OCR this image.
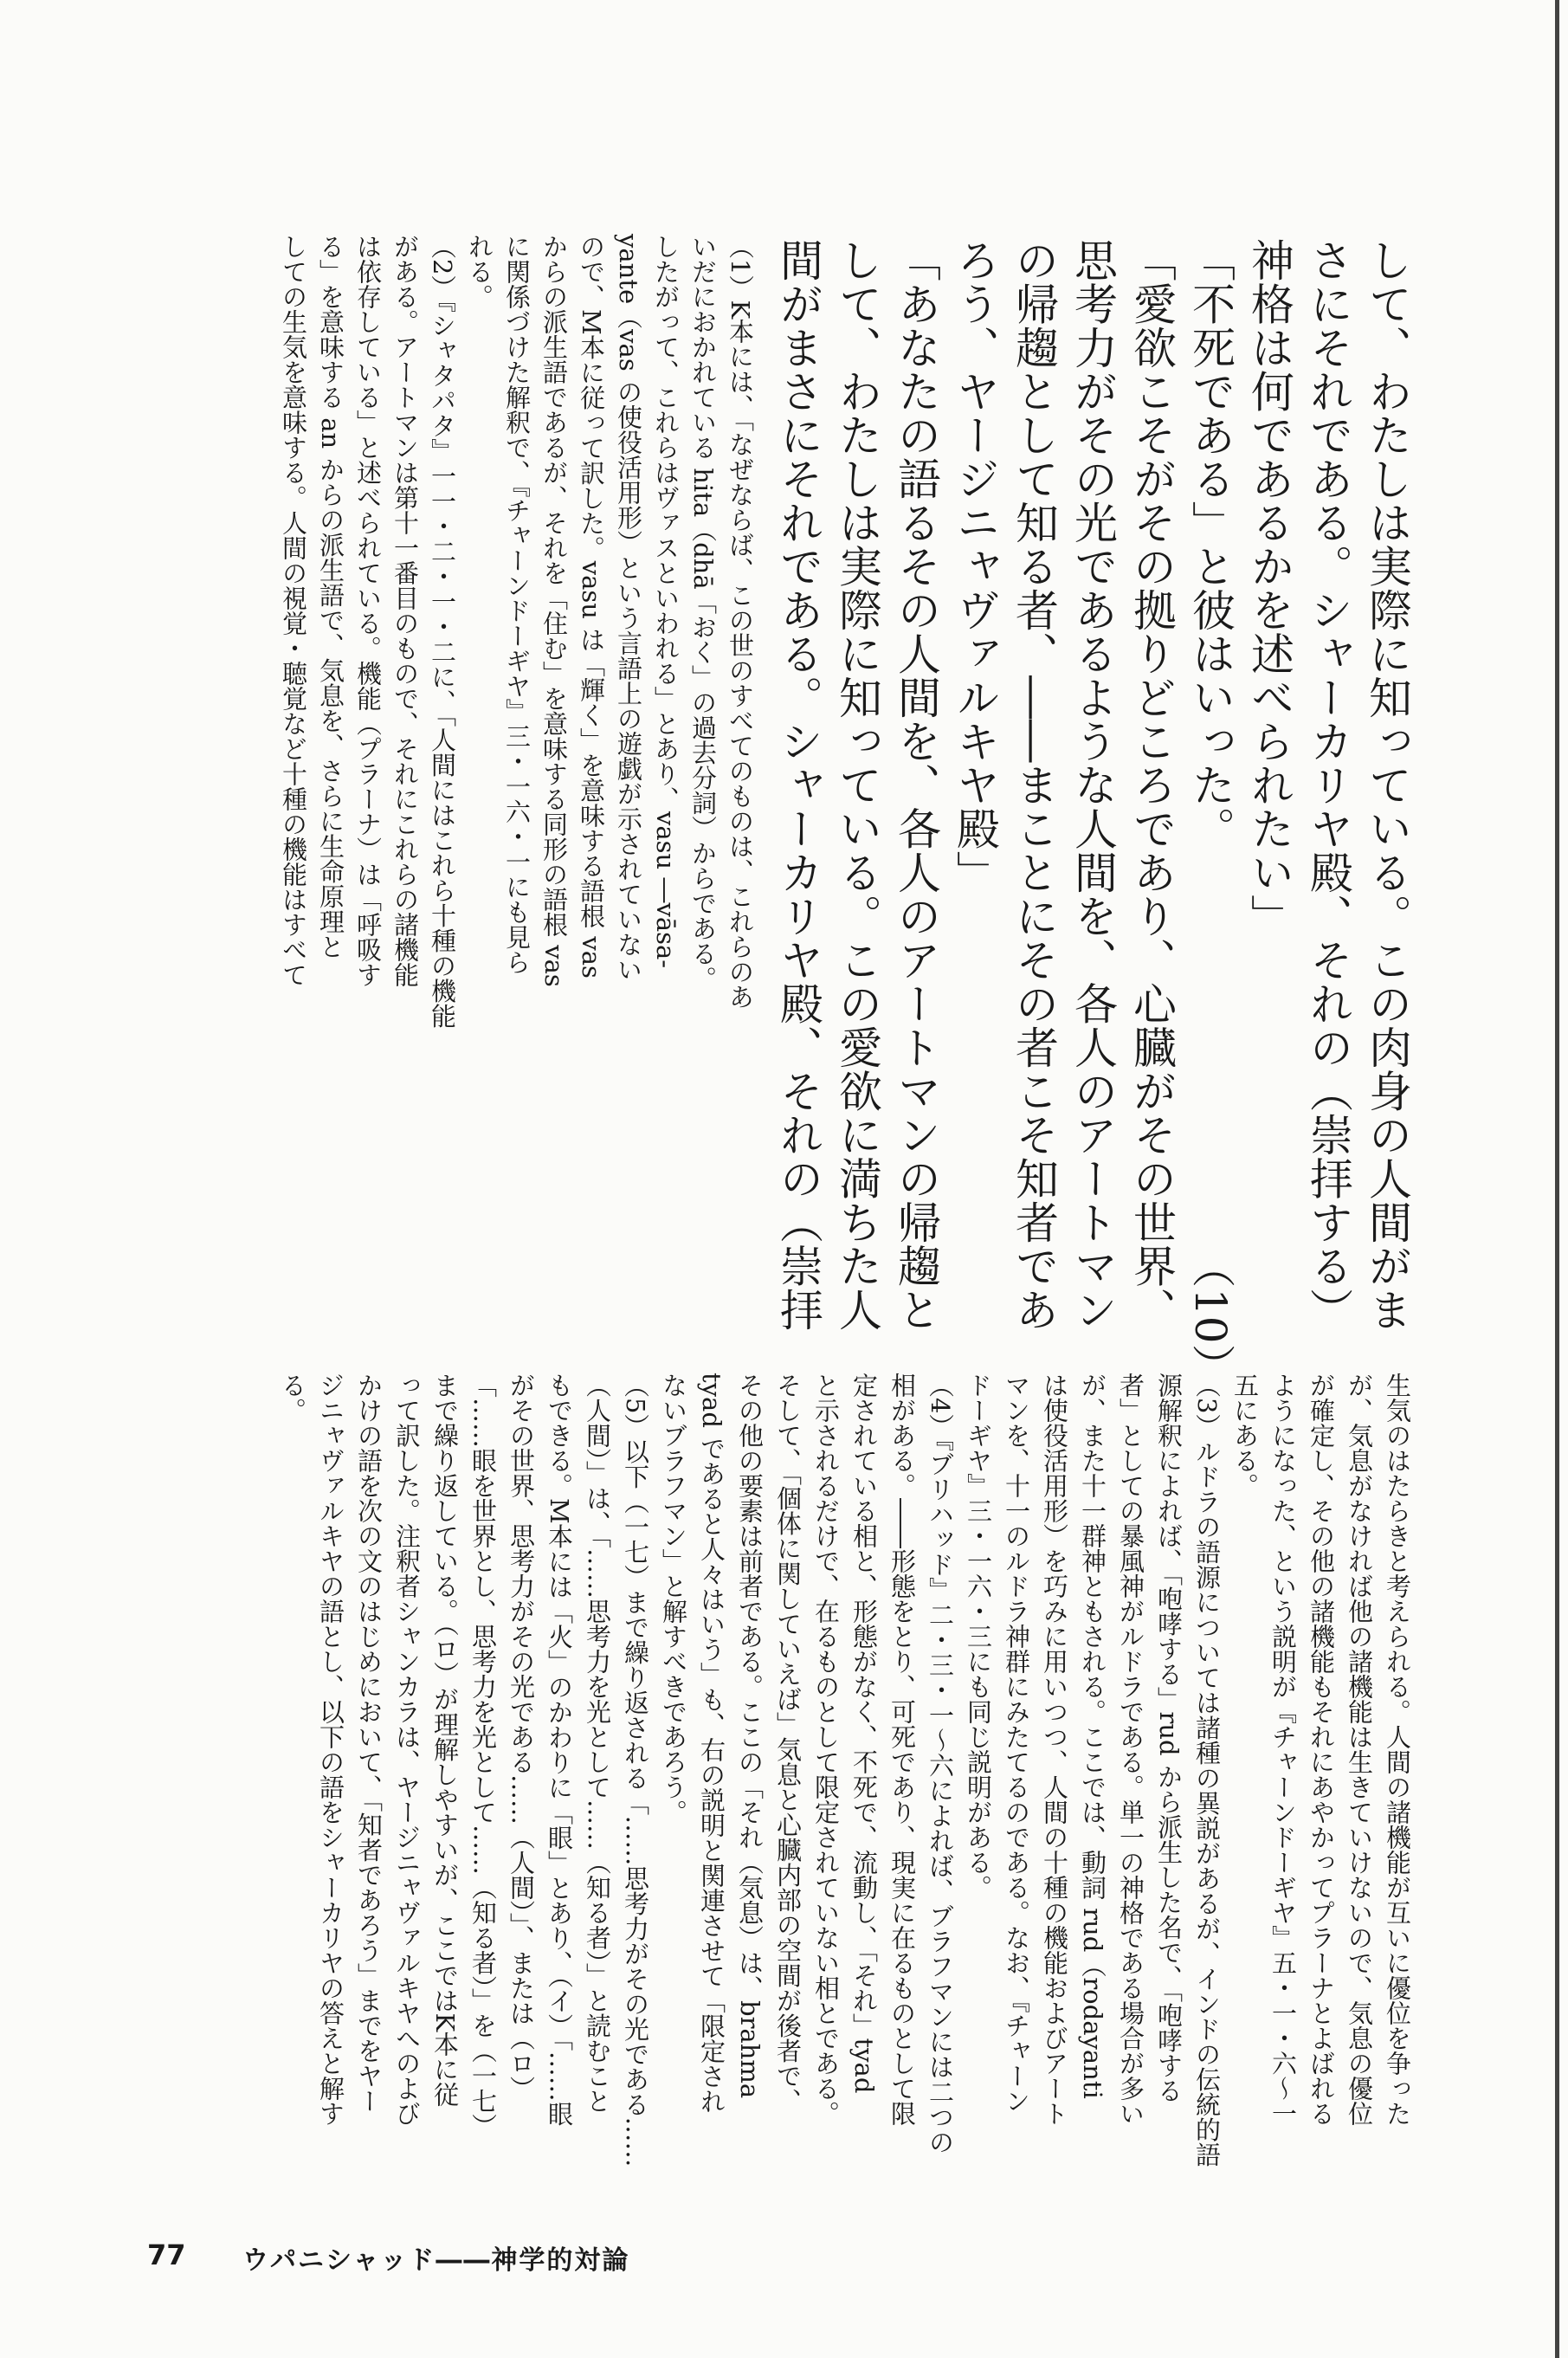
して、わたしは実際に知っている。この肉身の人間がま
さにそれである。シャーカリヤ殿、それの（崇拝する）
神格は何であるかを述べられたい」
「不死である」と彼はいった。　　　　　　　　　　（10）
「愛欲こそがその拠りどころであり、心臓がその世界、
思考力がその光であるような人間を、各人のアートマン
の帰趨として知る者、――まことにその者こそ知者であ
ろう、ヤージニャヴァルキヤ殿」
「あなたの語るその人間を、各人のアートマンの帰趨と
して、わたしは実際に知っている。この愛欲に満ちた人
間がまさにそれである。シャーカリヤ殿、それの（崇拝
（1）K本には、「なぜならば、この世のすべてのものは、これらのあ
いだにおかれている hita（dhā「おく」の過去分詞）からである。
したがって、これらはヴァスといわれる」とあり、vasu ―vāsa-
yante（vas の使役活用形）という言語上の遊戯が示されていない
ので、M本に従って訳した。vasu は「輝く」を意味する語根 vas
からの派生語であるが、それを「住む」を意味する同形の語根 vas
に関係づけた解釈で、『チャーンドーギヤ』三・一六・一にも見ら
れる。
（2）『シャタパタ』一一・二・一・二に、「人間にはこれら十種の機能
がある。アートマンは第十一番目のもので、それにこれらの諸機能
は依存している」と述べられている。機能（プラーナ）は「呼吸す
る」を意味する an からの派生語で、気息を、さらに生命原理と
しての生気を意味する。人間の視覚・聴覚など十種の機能はすべて
生気のはたらきと考えられる。人間の諸機能が互いに優位を争った
が、気息がなければ他の諸機能は生きていけないので、気息の優位
が確定し、その他の諸機能もそれにあやかってプラーナとよばれる
ようになった、という説明が『チャーンドーギヤ』五・一・六～一
五にある。
（3）ルドラの語源については諸種の異説があるが、インドの伝統的語
源解釈によれば、「咆哮する」rud から派生した名で、「咆哮する
者」としての暴風神がルドラである。単一の神格である場合が多い
が、また十一群神ともされる。ここでは、動詞 rud（rodayanti
は使役活用形）を巧みに用いつつ、人間の十種の機能およびアート
マンを、十一のルドラ神群にみたてるのである。なお、『チャーン
ドーギヤ』三・一六・三にも同じ説明がある。
（4）『ブリハッド』二・三・一～六によれば、ブラフマンには二つの
相がある。――形態をとり、可死であり、現実に在るものとして限
定されている相と、形態がなく、不死で、流動し、「それ」tyad
と示されるだけで、在るものとして限定されていない相とである。
そして、「個体に関していえば」気息と心臓内部の空間が後者で、
その他の要素は前者である。ここの「それ（気息）は、brahma
tyad であると人々はいう」も、右の説明と関連させて「限定され
ないブラフマン」と解すべきであろう。
（5）以下（一七）まで繰り返される「……思考力がその光である……
（人間）」は、「……思考力を光として……（知る者）」と読むこと
もできる。M本には「火」のかわりに「眼」とあり、（イ）「……眼
がその世界、思考力がその光である……（人間）」、または（ロ）
「……眼を世界とし、思考力を光として……（知る者）」を（一七）
まで繰り返している。（ロ）が理解しやすいが、ここではK本に従
って訳した。注釈者シャンカラは、ヤージニャヴァルキヤへのよび
かけの語を次の文のはじめにおいて、「知者であろう」までをヤー
ジニャヴァルキヤの語とし、以下の語をシャーカリヤの答えと解す
る。
77 ウパニシャッド――神学的対論
